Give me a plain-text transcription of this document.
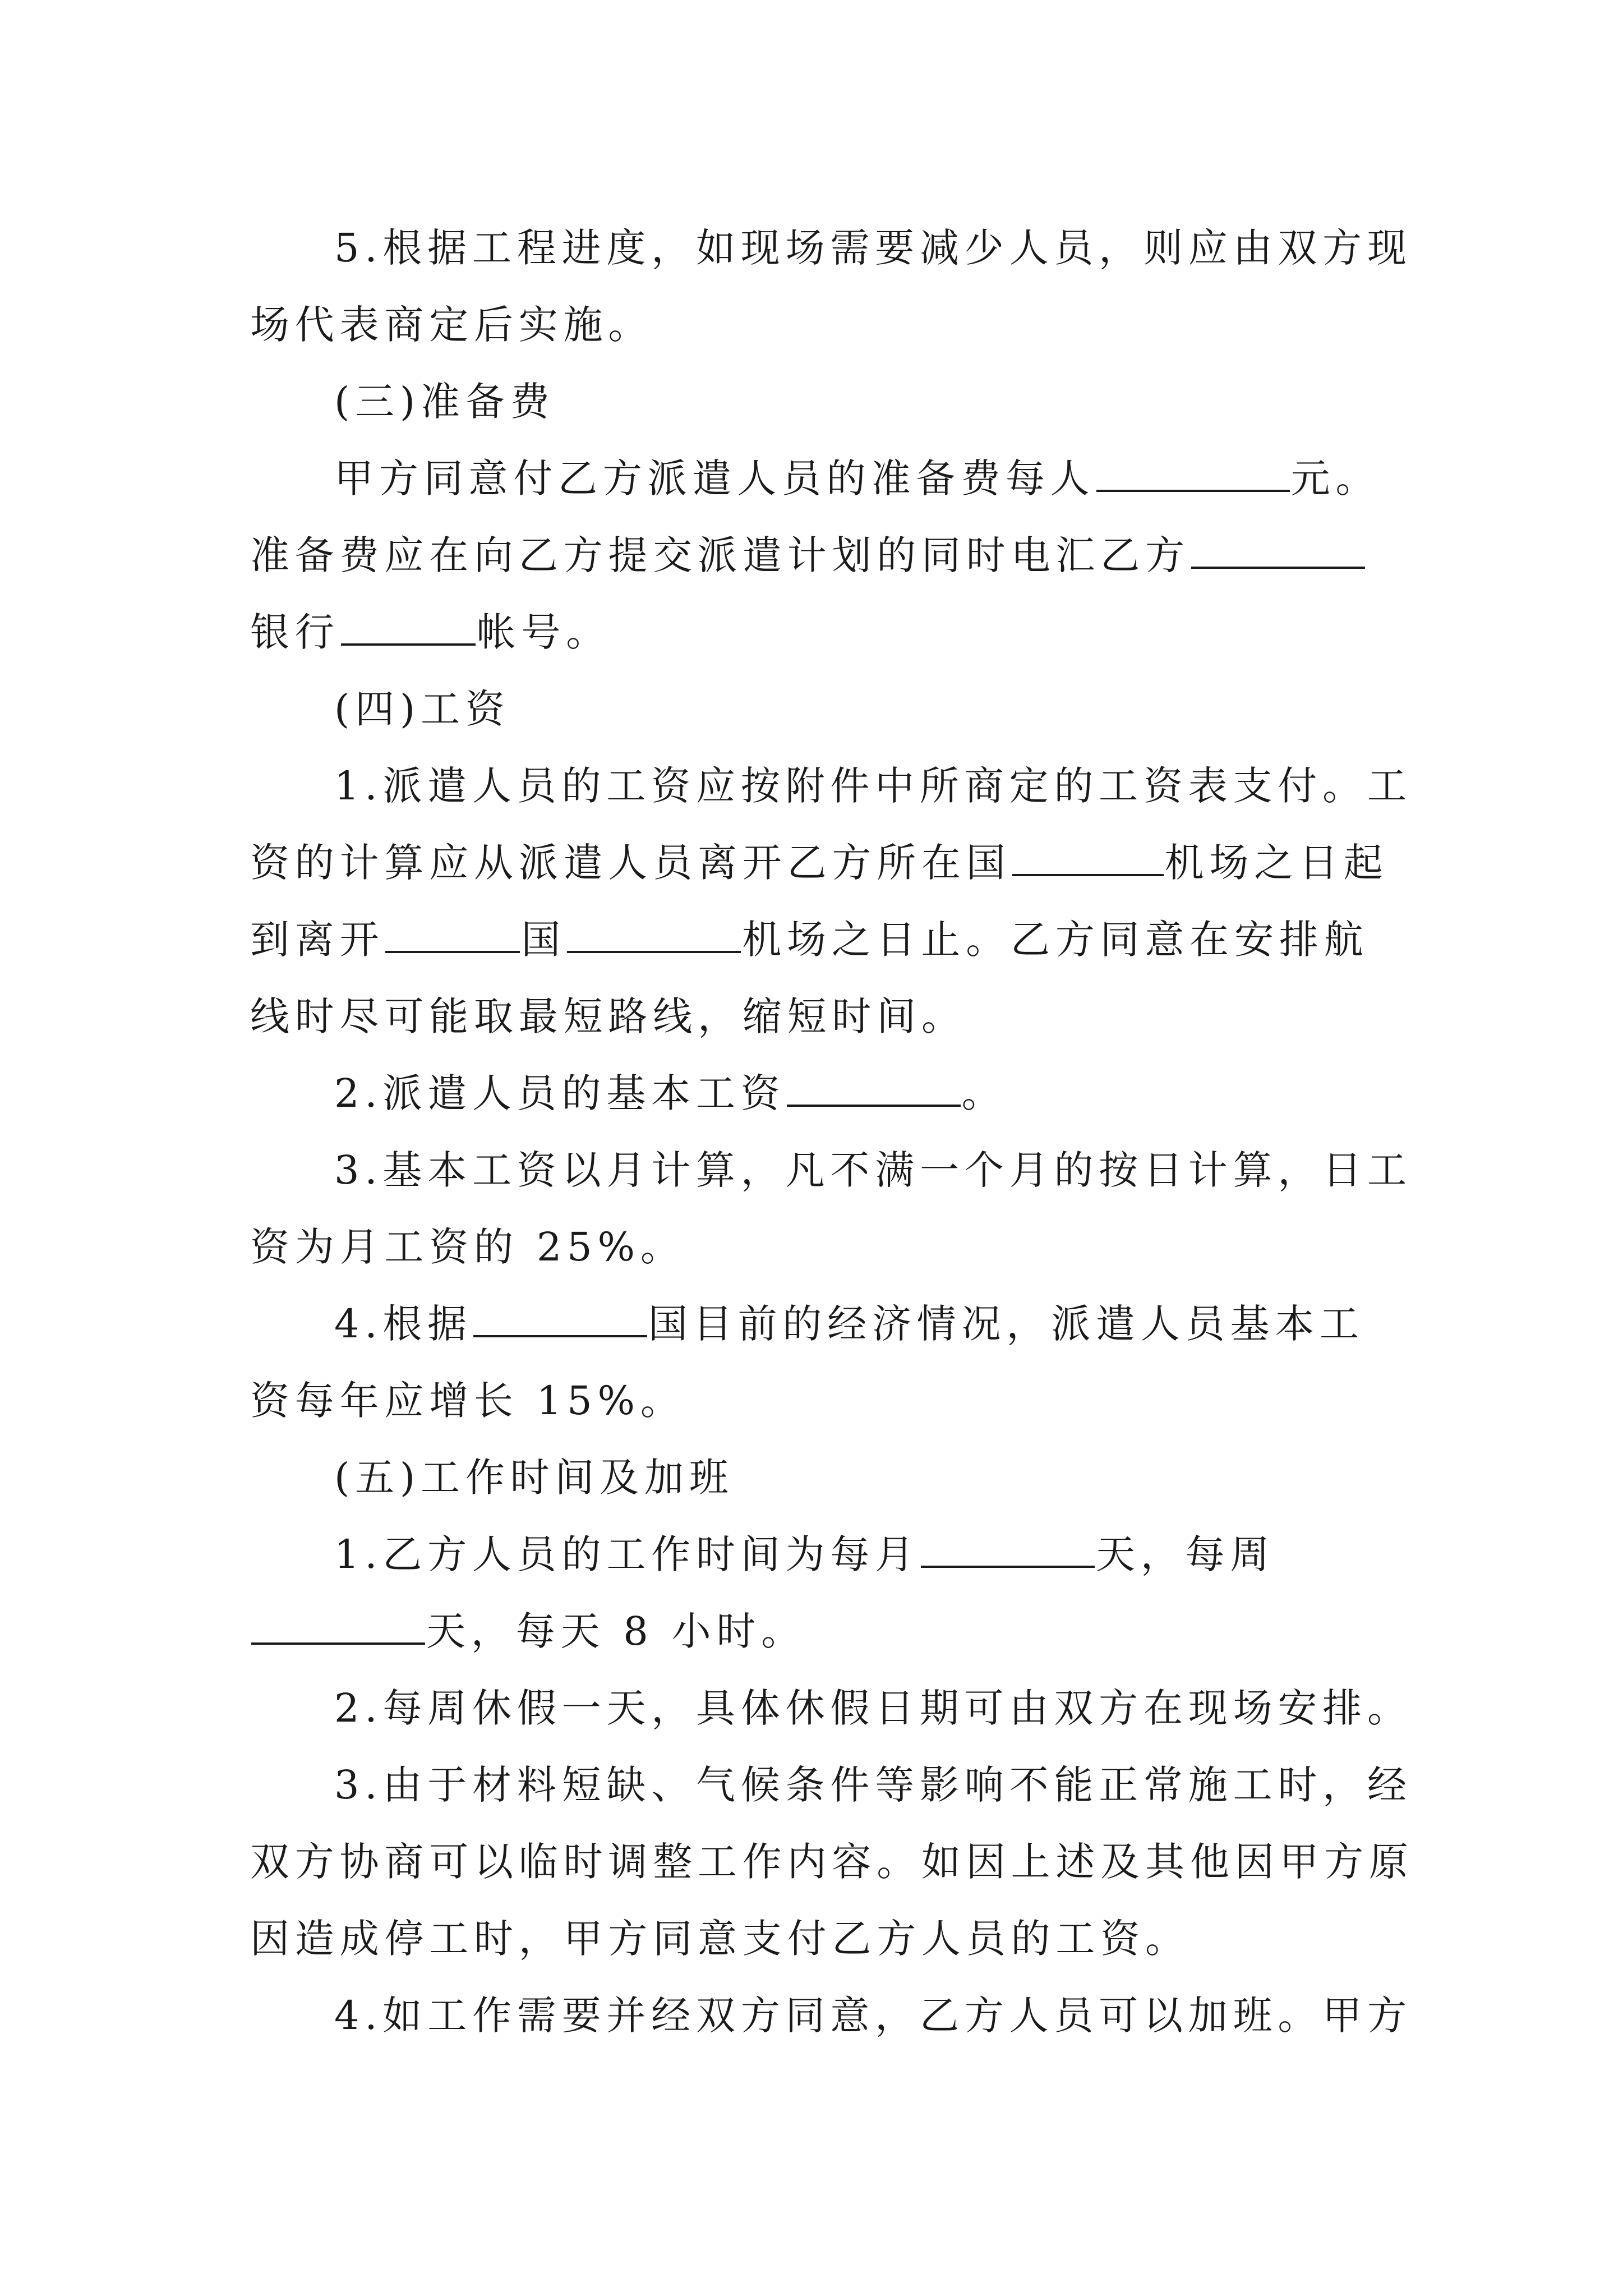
5.根据工程进度，如现场需要减少人员，则应由双方现
场代表商定后实施。
(三)准备费
甲方同意付乙方派遣人员的准备费每人	元。
准备费应在向乙方提交派遣计划的同时电汇乙方
银行	帐号。
(四)工资
1.派遣人员的工资应按附件中所商定的工资表支付。工
资的计算应从派遣人员离开乙方所在国	机场之日起
到离开	国	机场之日止。乙方同意在安排航
线时尽可能取最短路线，缩短时间。
2.派遣人员的基本工资	。
3.基本工资以月计算，凡不满一个月的按日计算，日工
资为月工资的 25%。
4.根据	国目前的经济情况，派遣人员基本工
资每年应增长 15%。
(五)工作时间及加班
1.乙方人员的工作时间为每月	天，每周
天，每天 8 小时。
2.每周休假一天，具体休假日期可由双方在现场安排。
3.由于材料短缺、气候条件等影响不能正常施工时，经
双方协商可以临时调整工作内容。如因上述及其他因甲方原
因造成停工时，甲方同意支付乙方人员的工资。
4.如工作需要并经双方同意，乙方人员可以加班。甲方
